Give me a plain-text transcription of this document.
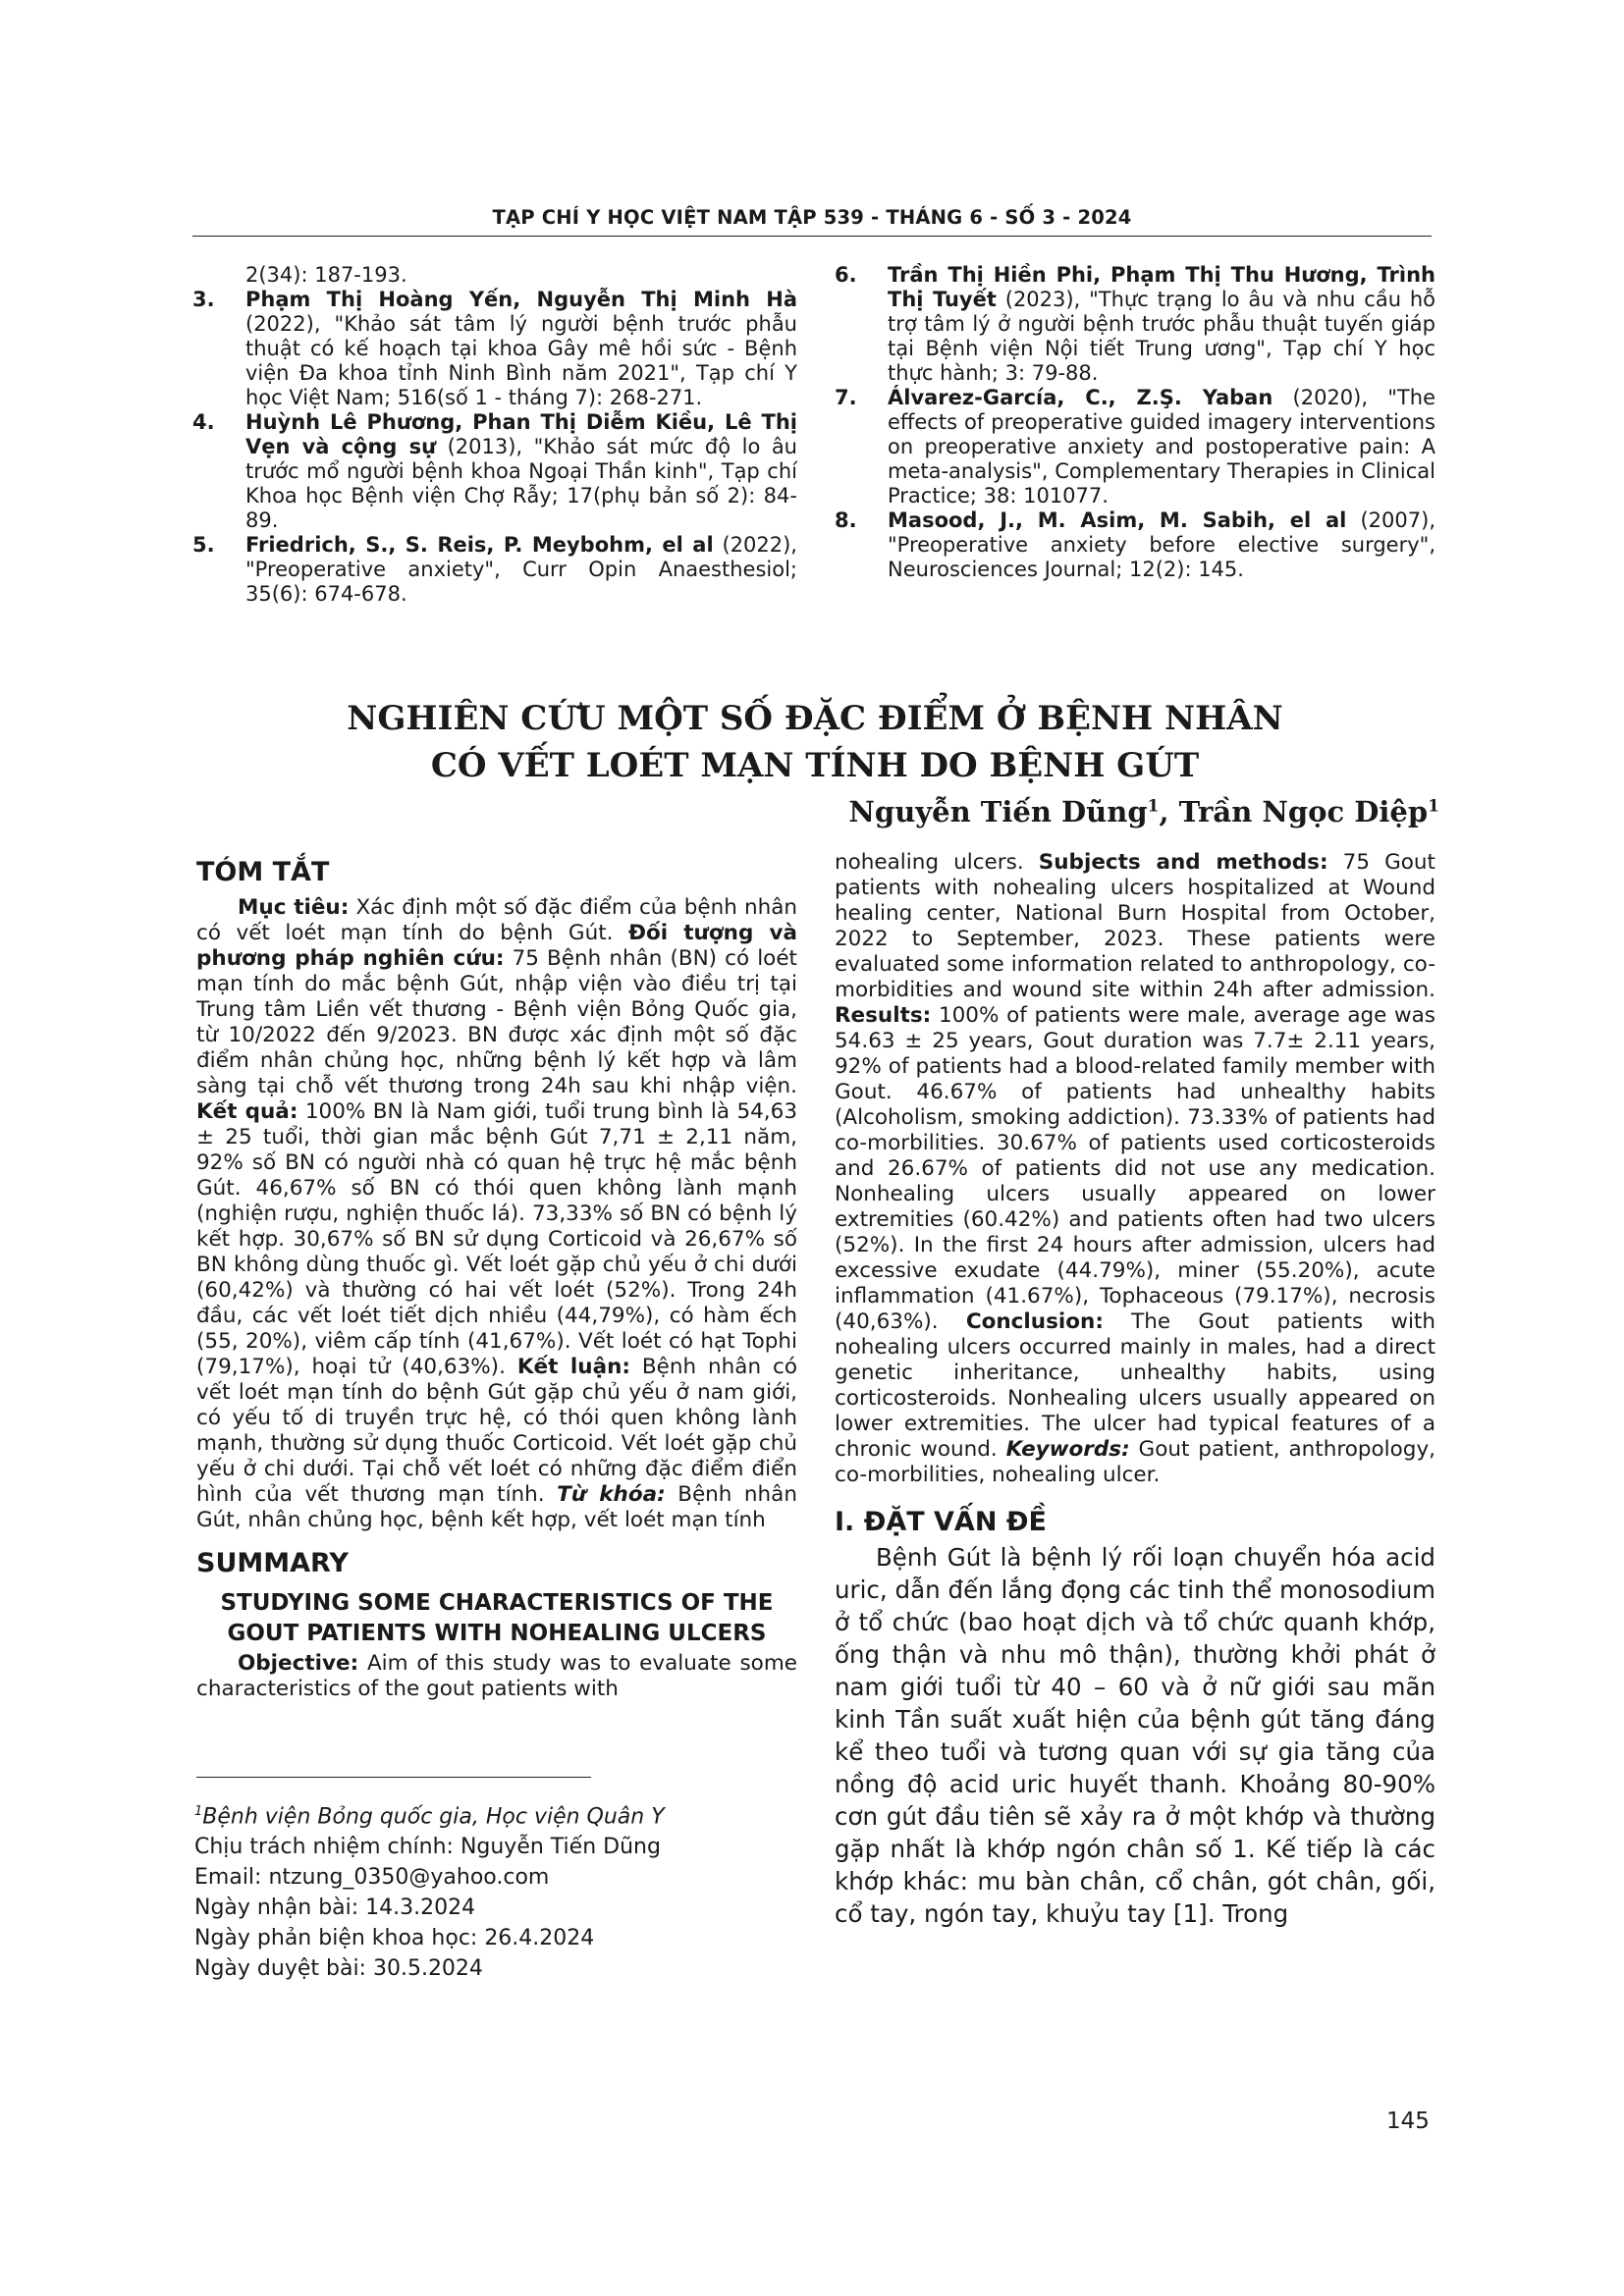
TẠP CHÍ Y HỌC VIỆT NAM TẬP 539 - THÁNG 6 - SỐ 3 - 2024
2(34): 187-193.
3. Phạm Thị Hoàng Yến, Nguyễn Thị Minh Hà (2022), "Khảo sát tâm lý người bệnh trước phẫu thuật có kế hoạch tại khoa Gây mê hồi sức - Bệnh viện Đa khoa tỉnh Ninh Bình năm 2021", Tạp chí Y học Việt Nam; 516(số 1 - tháng 7): 268-271.
4. Huỳnh Lê Phương, Phan Thị Diễm Kiều, Lê Thị Vẹn và cộng sự (2013), "Khảo sát mức độ lo âu trước mổ người bệnh khoa Ngoại Thần kinh", Tạp chí Khoa học Bệnh viện Chợ Rẫy; 17(phụ bản số 2): 84-89.
5. Friedrich, S., S. Reis, P. Meybohm, el al (2022), "Preoperative anxiety", Curr Opin Anaesthesiol; 35(6): 674-678.
6. Trần Thị Hiền Phi, Phạm Thị Thu Hương, Trình Thị Tuyết (2023), "Thực trạng lo âu và nhu cầu hỗ trợ tâm lý ở người bệnh trước phẫu thuật tuyến giáp tại Bệnh viện Nội tiết Trung ương", Tạp chí Y học thực hành; 3: 79-88.
7. Álvarez-García, C., Z.Ş. Yaban (2020), "The effects of preoperative guided imagery interventions on preoperative anxiety and postoperative pain: A meta-analysis", Complementary Therapies in Clinical Practice; 38: 101077.
8. Masood, J., M. Asim, M. Sabih, el al (2007), "Preoperative anxiety before elective surgery", Neurosciences Journal; 12(2): 145.
NGHIÊN CỨU MỘT SỐ ĐẶC ĐIỂM Ở BỆNH NHÂN
CÓ VẾT LOÉT MẠN TÍNH DO BỆNH GÚT
Nguyễn Tiến Dũng$^1$, Trần Ngọc Diệp$^1$
TÓM TẮT

Mục tiêu: Xác định một số đặc điểm của bệnh nhân có vết loét mạn tính do bệnh Gút. Đối tượng và phương pháp nghiên cứu: 75 Bệnh nhân (BN) có loét mạn tính do mắc bệnh Gút, nhập viện vào điều trị tại Trung tâm Liền vết thương - Bệnh viện Bỏng Quốc gia, từ 10/2022 đến 9/2023. BN được xác định một số đặc điểm nhân chủng học, những bệnh lý kết hợp và lâm sàng tại chỗ vết thương trong 24h sau khi nhập viện. Kết quả: 100% BN là Nam giới, tuổi trung bình là 54,63 ± 25 tuổi, thời gian mắc bệnh Gút 7,71 ± 2,11 năm, 92% số BN có người nhà có quan hệ trực hệ mắc bệnh Gút. 46,67% số BN có thói quen không lành mạnh (nghiện rượu, nghiện thuốc lá). 73,33% số BN có bệnh lý kết hợp. 30,67% số BN sử dụng Corticoid và 26,67% số BN không dùng thuốc gì. Vết loét gặp chủ yếu ở chi dưới (60,42%) và thường có hai vết loét (52%). Trong 24h đầu, các vết loét tiết dịch nhiều (44,79%), có hàm ếch (55, 20%), viêm cấp tính (41,67%). Vết loét có hạt Tophi (79,17%), hoại tử (40,63%). Kết luận: Bệnh nhân có vết loét mạn tính do bệnh Gút gặp chủ yếu ở nam giới, có yếu tố di truyền trực hệ, có thói quen không lành mạnh, thường sử dụng thuốc Corticoid. Vết loét gặp chủ yếu ở chi dưới. Tại chỗ vết loét có những đặc điểm điển hình của vết thương mạn tính. Từ khóa: Bệnh nhân Gút, nhân chủng học, bệnh kết hợp, vết loét mạn tính

SUMMARY
STUDYING SOME CHARACTERISTICS OF THE GOUT PATIENTS WITH NOHEALING ULCERS

Objective: Aim of this study was to evaluate some characteristics of the gout patients with

$^1$Bệnh viện Bỏng quốc gia, Học viện Quân Y
Chịu trách nhiệm chính: Nguyễn Tiến Dũng
Email: ntzung_0350@yahoo.com
Ngày nhận bài: 14.3.2024
Ngày phản biện khoa học: 26.4.2024
Ngày duyệt bài: 30.5.2024

nohealing ulcers. Subjects and methods: 75 Gout patients with nohealing ulcers hospitalized at Wound healing center, National Burn Hospital from October, 2022 to September, 2023. These patients were evaluated some information related to anthropology, co-morbidities and wound site within 24h after admission. Results: 100% of patients were male, average age was 54.63 ± 25 years, Gout duration was 7.7± 2.11 years, 92% of patients had a blood-related family member with Gout. 46.67% of patients had unhealthy habits (Alcoholism, smoking addiction). 73.33% of patients had co-morbilities. 30.67% of patients used corticosteroids and 26.67% of patients did not use any medication. Nonhealing ulcers usually appeared on lower extremities (60.42%) and patients often had two ulcers (52%). In the first 24 hours after admission, ulcers had excessive exudate (44.79%), miner (55.20%), acute inflammation (41.67%), Tophaceous (79.17%), necrosis (40,63%). Conclusion: The Gout patients with nohealing ulcers occurred mainly in males, had a direct genetic inheritance, unhealthy habits, using corticosteroids. Nonhealing ulcers usually appeared on lower extremities. The ulcer had typical features of a chronic wound. Keywords: Gout patient, anthropology, co-morbilities, nohealing ulcer.

I. ĐẶT VẤN ĐỀ

Bệnh Gút là bệnh lý rối loạn chuyển hóa acid uric, dẫn đến lắng đọng các tinh thể monosodium ở tổ chức (bao hoạt dịch và tổ chức quanh khớp, ống thận và nhu mô thận), thường khởi phát ở nam giới tuổi từ 40 – 60 và ở nữ giới sau mãn kinh Tần suất xuất hiện của bệnh gút tăng đáng kể theo tuổi và tương quan với sự gia tăng của nồng độ acid uric huyết thanh. Khoảng 80-90% cơn gút đầu tiên sẽ xảy ra ở một khớp và thường gặp nhất là khớp ngón chân số 1. Kế tiếp là các khớp khác: mu bàn chân, cổ chân, gót chân, gối, cổ tay, ngón tay, khuỷu tay [1]. Trong

145
